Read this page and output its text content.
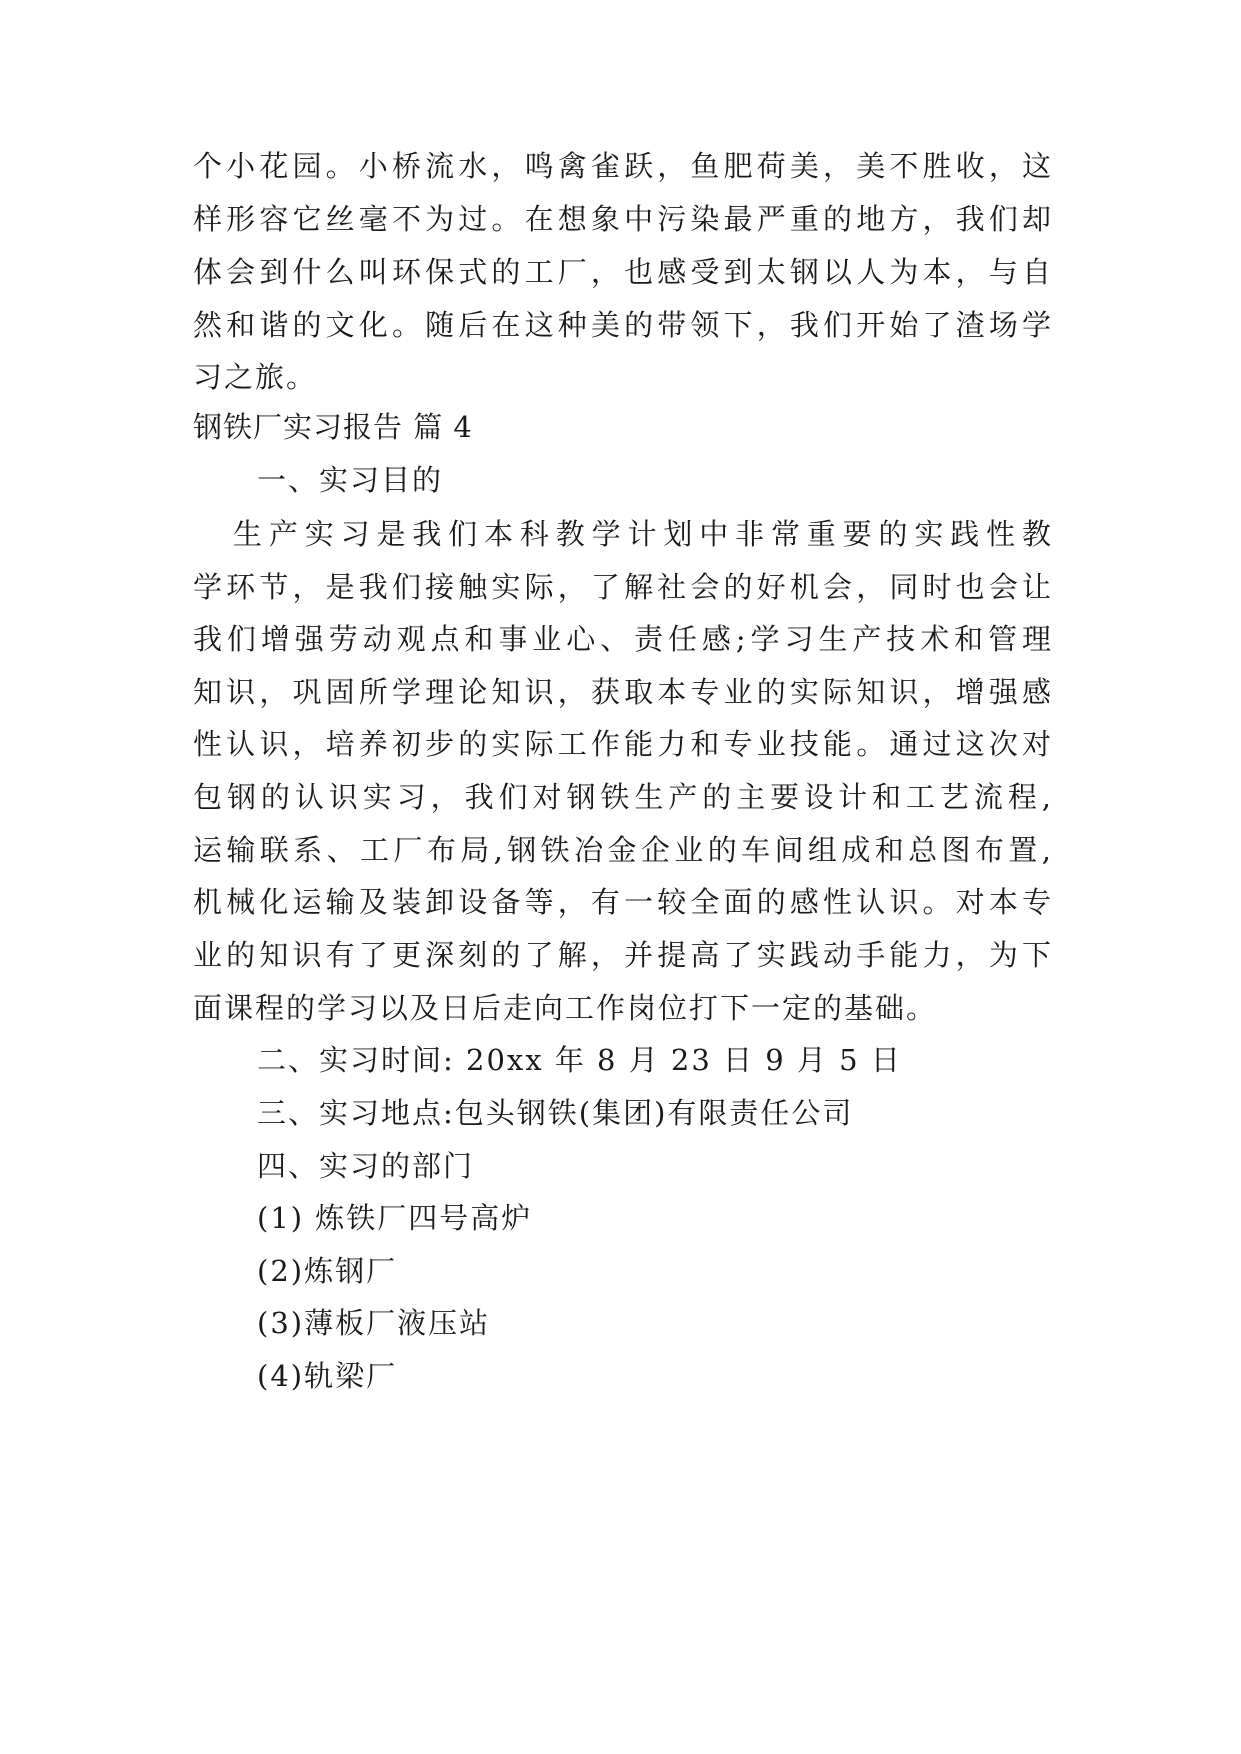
个小花园。小桥流水，鸣禽雀跃，鱼肥荷美，美不胜收，这
样形容它丝毫不为过。在想象中污染最严重的地方，我们却
体会到什么叫环保式的工厂，也感受到太钢以人为本，与自
然和谐的文化。随后在这种美的带领下，我们开始了渣场学
习之旅。
钢铁厂实习报告 篇 4
一、实习目的
生产实习是我们本科教学计划中非常重要的实践性教
学环节，是我们接触实际，了解社会的好机会，同时也会让
我们增强劳动观点和事业心、责任感;学习生产技术和管理
知识，巩固所学理论知识，获取本专业的实际知识，增强感
性认识，培养初步的实际工作能力和专业技能。通过这次对
包钢的认识实习，我们对钢铁生产的主要设计和工艺流程,
运输联系、工厂布局,钢铁冶金企业的车间组成和总图布置,
机械化运输及装卸设备等，有一较全面的感性认识。对本专
业的知识有了更深刻的了解，并提高了实践动手能力，为下
面课程的学习以及日后走向工作岗位打下一定的基础。
二、实习时间: 20xx 年 8 月 23 日 9 月 5 日
三、实习地点:包头钢铁(集团)有限责任公司
四、实习的部门
(1) 炼铁厂四号高炉
(2)炼钢厂
(3)薄板厂液压站
(4)轨梁厂
